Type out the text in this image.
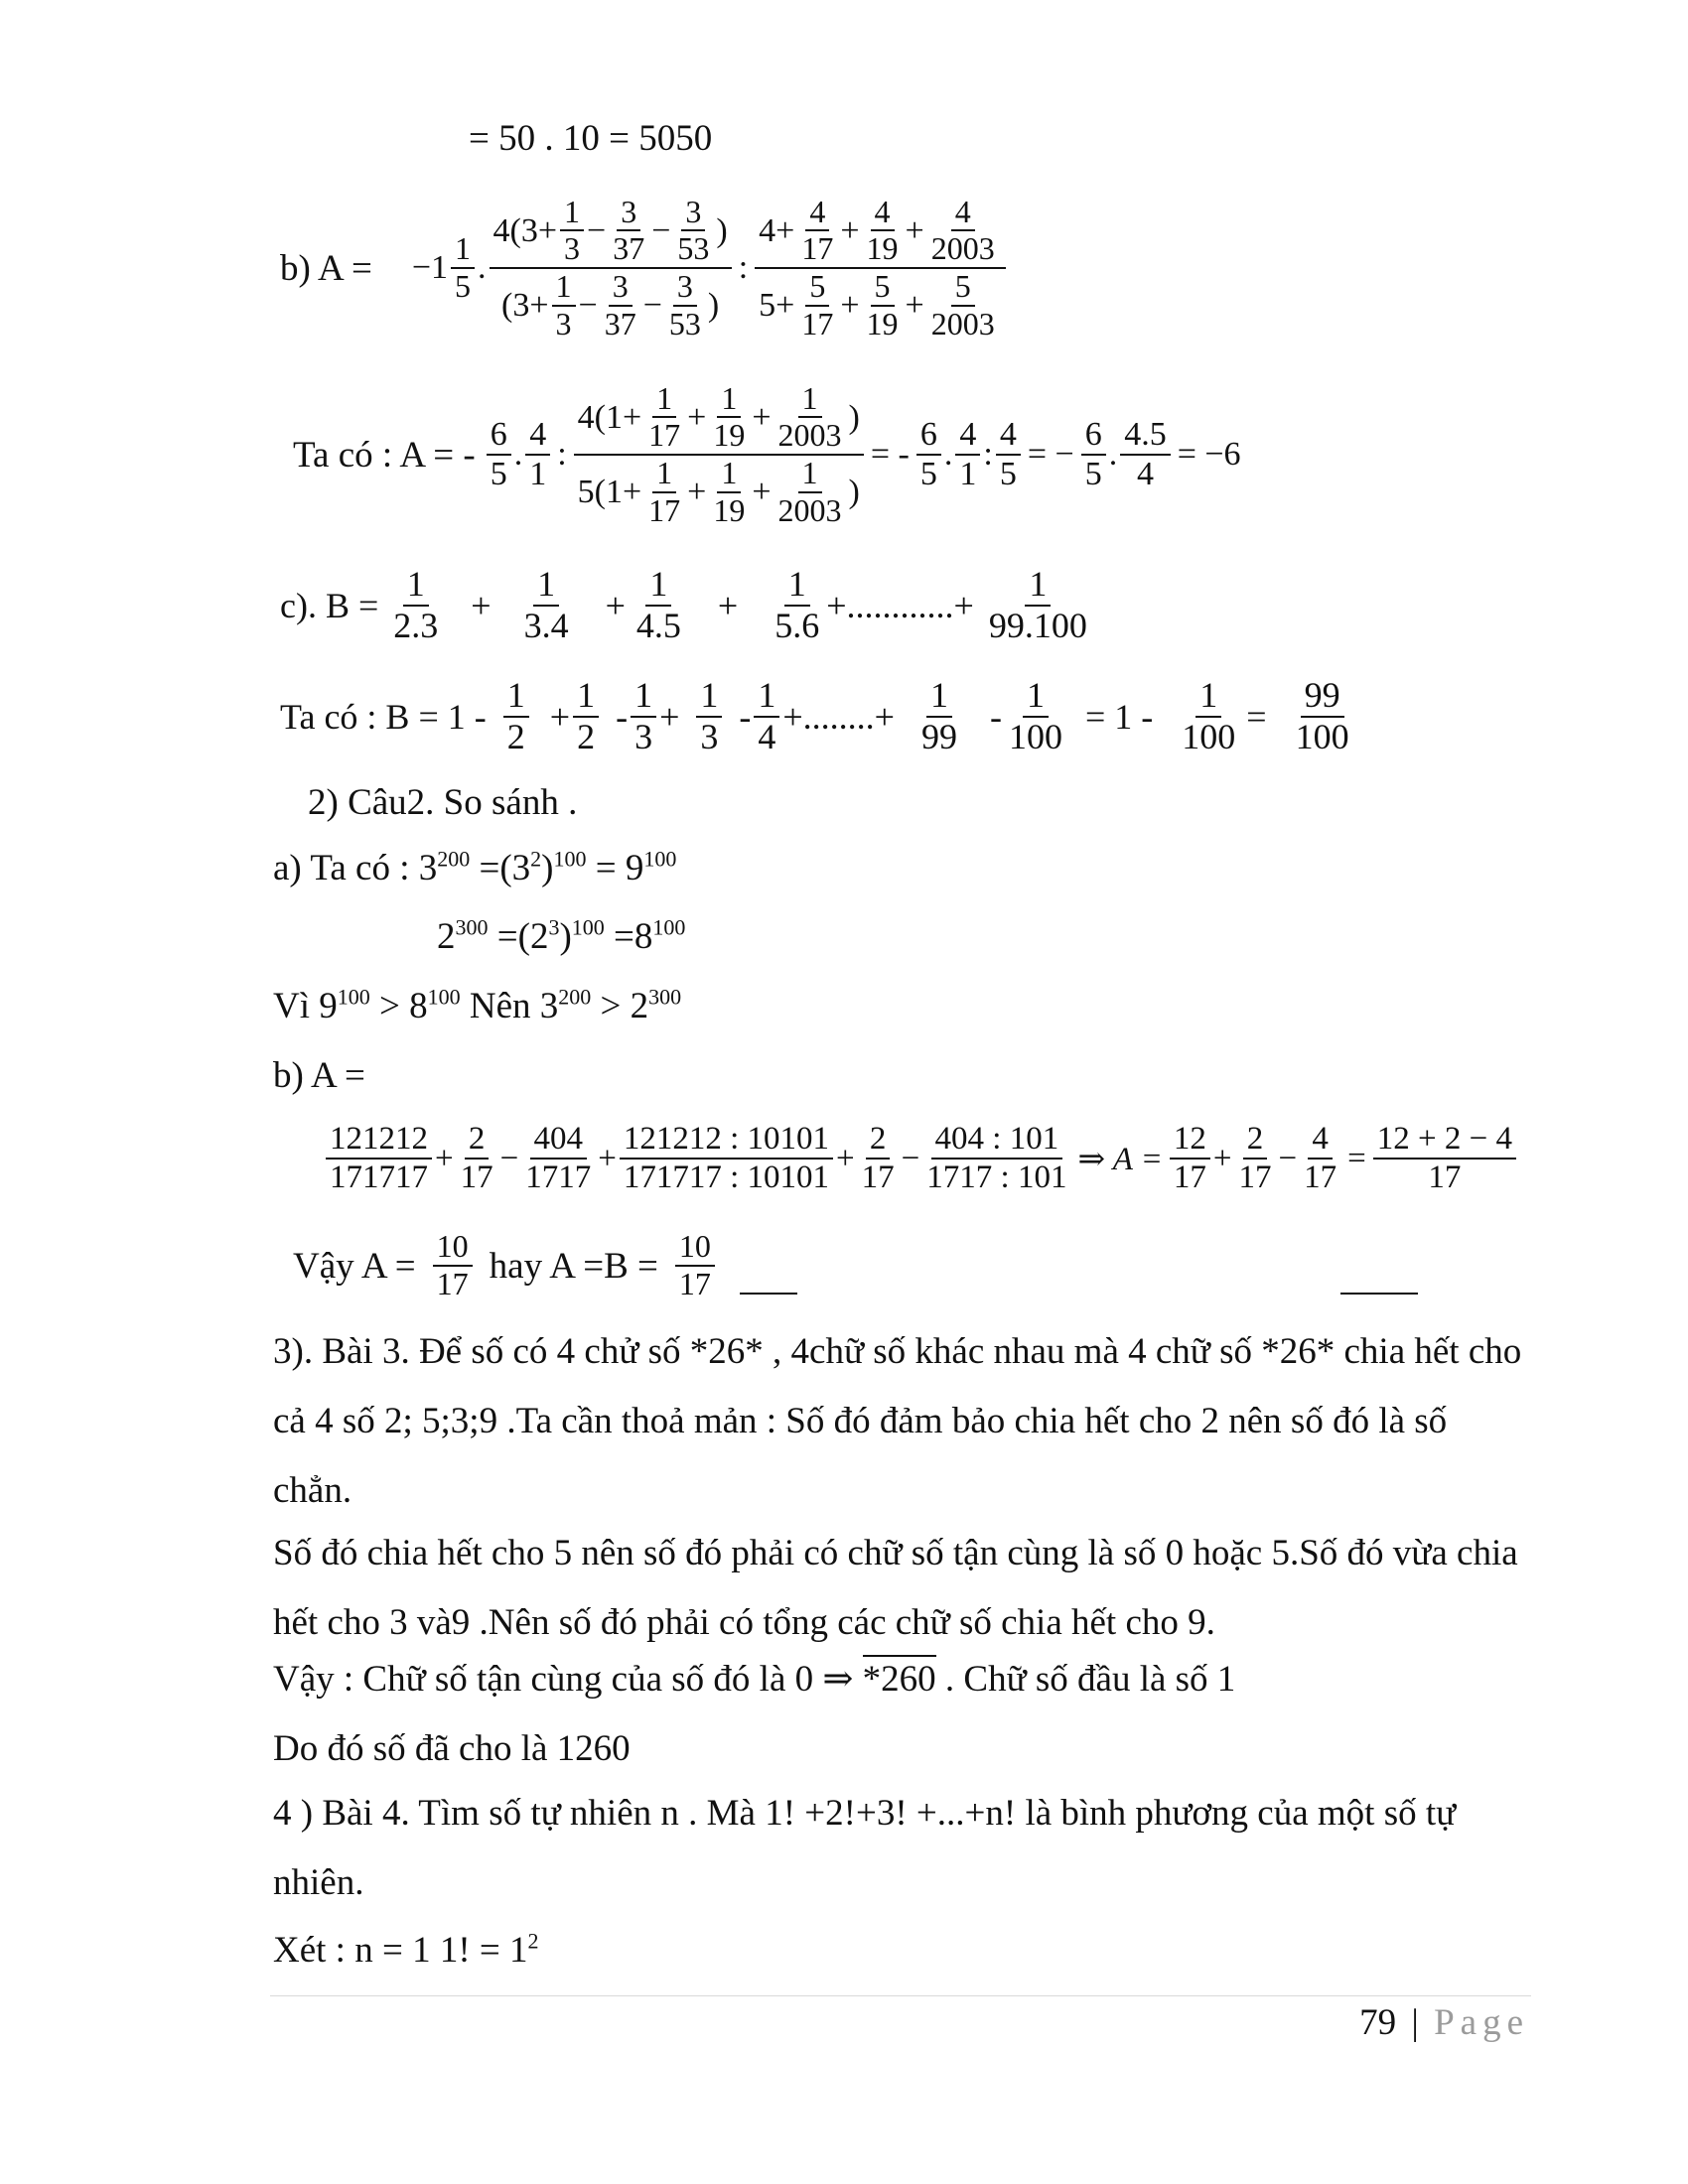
= 50 . 10 = 5050
b) $A = -1 \frac{1}{5}$ .
$4(3+ \frac{1}{3} - \frac{3}{37} - \frac{3}{53}$ )
($3+ \frac{1}{3} - \frac{3}{37} - \frac{3}{53}$ )
: $\frac{4+ \frac{4}{17} + \frac{4}{19} + \frac{4}{2003}}{5+ \frac{5}{17} + \frac{5}{19} + \frac{5}{2003}}$
Ta có : A = - $\frac{6}{5}$ . $\frac{4}{1}$ : $\frac{4(1+ \frac{1}{17} + \frac{1}{19} + \frac{1}{2003} )}{5(1+ \frac{1}{17} + \frac{1}{19} + \frac{1}{2003} )}$ = - $\frac{6}{5}$ . $\frac{4}{1}$ : $\frac{4}{5}$ = − $\frac{6}{5}$ . $\frac{4.5}{4} = -6$
c). $B = \frac{1}{2.3} + \frac{1}{3.4} + \frac{1}{4.5} + \frac{1}{5.6}$ +............+ $\frac{1}{99.100}$
Ta có : $B = 1 - \frac{1}{2} + \frac{1}{2} - \frac{1}{3} + \frac{1}{3} - \frac{1}{4}$ +........+ $\frac{1}{99} - \frac{1}{100} = 1 - \frac{1}{100} = \frac{99}{100}$
2) Câu2. So sánh .
a) Ta có : $3^{200} =(3^2)^{100} = 9^{100}$
$2^{300} =(2^3)^{100} =8^{100}$
Vì $9^{100} > 8^{100}$ Nên $3^{200} > 2^{300}$
b) A =
$\frac{121212}{171717} + \frac{2}{17} - \frac{404}{1717} + \frac{121212 : 10101}{171717 : 10101} + \frac{2}{17} - \frac{404 : 101}{1717 : 101}$ ⇒ $A = \frac{12}{17} + \frac{2}{17} - \frac{4}{17} = \frac{12 + 2 - 4}{17}$
Vậy $A = \frac{10}{17}$ hay $A =B = \frac{10}{17}$
3). Bài 3. Để số có 4 chử số *26* , 4chữ số khác nhau mà 4 chữ số *26* chia hết cho cả 4 số 2; 5;3;9 .Ta cần thoả mản : Số đó đảm bảo chia hết cho 2 nên số đó là số chẳn.
Số đó chia hết cho 5 nên số đó phải có chữ số tận cùng là số 0 hoặc 5.Số đó vừa chia hết cho 3 và9 .Nên số đó phải có tổng các chữ số chia hết cho 9.
Vậy : Chữ số tận cùng của số đó là 0 ⇒ *260 . Chữ số đầu là số 1
Do đó số đã cho là 1260
4 ) Bài 4. Tìm số tự nhiên n . Mà 1! +2!+3! +...+n! là bình phương của một số tự nhiên.
Xét : n = 1 1! = $1^2$
79 | Page
